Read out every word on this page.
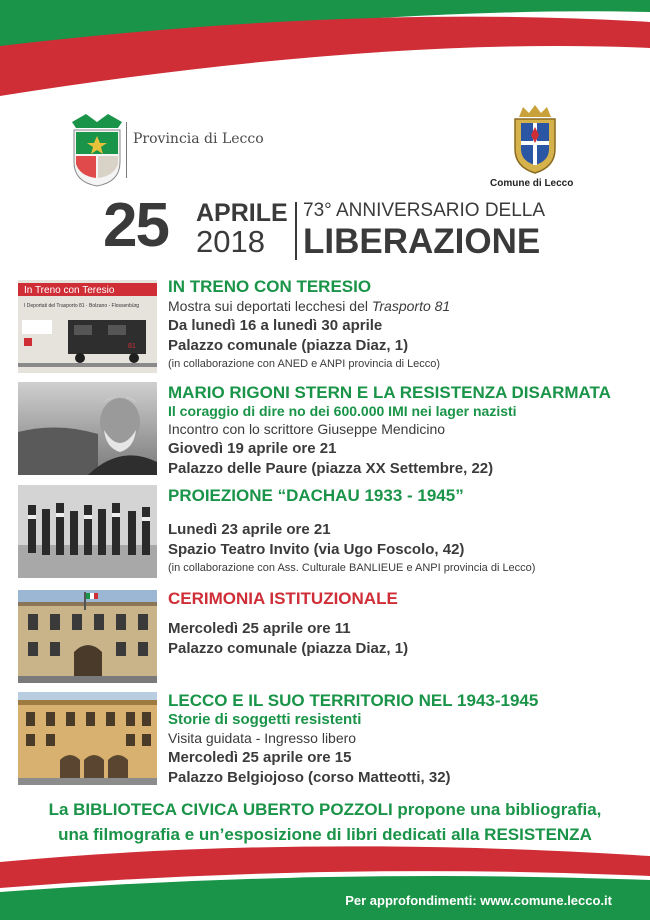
Provincia di Lecco
Comune di Lecco
25 APRILE
2018
73° ANNIVERSARIO DELLA
LIBERAZIONE
In Treno con Teresio
I Deportati del Trasporto 81 · Bolzano - Flossenbürg
81
IN TRENO CON TERESIO
Mostra sui deportati lecchesi del Trasporto 81
Da lunedì 16 a lunedì 30 aprile
Palazzo comunale (piazza Diaz, 1)
(in collaborazione con ANED e ANPI provincia di Lecco)
MARIO RIGONI STERN E LA RESISTENZA DISARMATA
Il coraggio di dire no dei 600.000 IMI nei lager nazisti
Incontro con lo scrittore Giuseppe Mendicino
Giovedì 19 aprile ore 21
Palazzo delle Paure (piazza XX Settembre, 22)
PROIEZIONE “DACHAU 1933 - 1945”
Lunedì 23 aprile ore 21
Spazio Teatro Invito (via Ugo Foscolo, 42)
(in collaborazione con Ass. Culturale BANLIEUE e ANPI provincia di Lecco)
CERIMONIA ISTITUZIONALE
Mercoledì 25 aprile ore 11
Palazzo comunale (piazza Diaz, 1)
LECCO E IL SUO TERRITORIO NEL 1943-1945
Storie di soggetti resistenti
Visita guidata - Ingresso libero
Mercoledì 25 aprile ore 15
Palazzo Belgiojoso (corso Matteotti, 32)
La BIBLIOTECA CIVICA UBERTO POZZOLI propone una bibliografia,
una filmografia e un’esposizione di libri dedicati alla RESISTENZA
Per approfondimenti: www.comune.lecco.it
